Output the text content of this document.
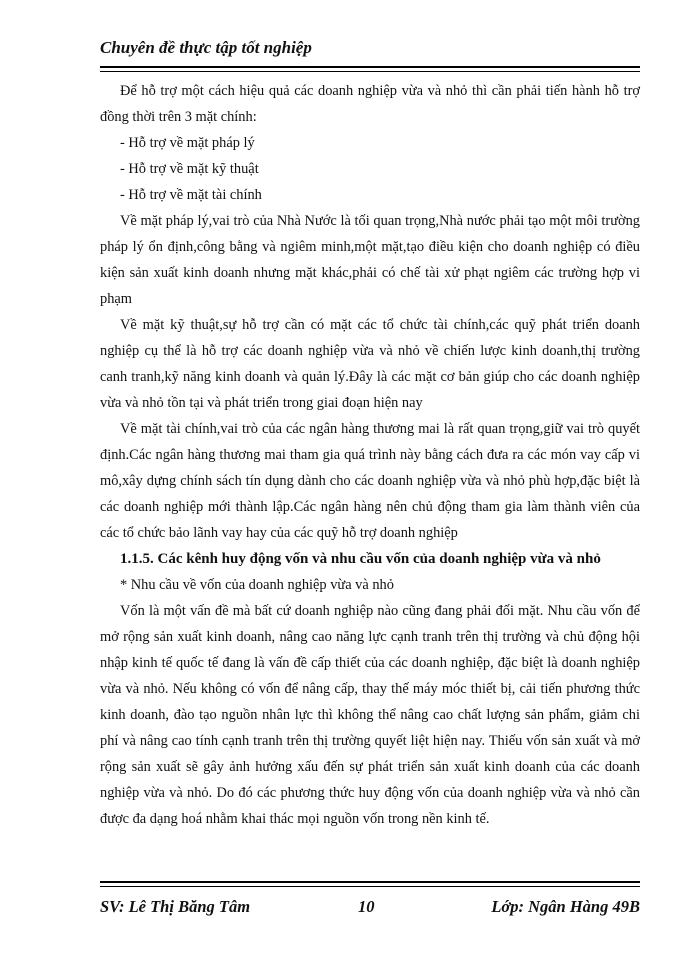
Chuyên đề thực tập tốt nghiệp

Để hỗ trợ một cách hiệu quả các doanh nghiệp vừa và nhỏ thì cần phải tiến hành hỗ trợ đồng thời trên 3 mặt chính:

- Hỗ trợ về mặt pháp lý

- Hỗ trợ về mặt kỹ thuật

- Hỗ trợ về mặt tài chính

Về mặt pháp lý,vai trò của Nhà Nước là tối quan trọng,Nhà nước phải tạo một môi trường pháp lý ổn định,công bằng và ngiêm minh,một mặt,tạo điều kiện cho doanh nghiệp có điều kiện sản xuất kinh doanh nhưng mặt khác,phải có chế tài xử phạt ngiêm các trường hợp vi phạm

Về mặt kỹ thuật,sự hỗ trợ cần có mặt các tổ chức tài chính,các quỹ phát triển doanh nghiệp cụ thể là hỗ trợ các doanh nghiệp vừa và nhỏ về chiến lược kinh doanh,thị trường canh tranh,kỹ năng kinh doanh và quản lý.Đây là các mặt cơ bản giúp cho các doanh nghiệp vừa và nhỏ tồn tại và phát triển trong giai đoạn hiện nay

Về mặt tài chính,vai trò của các ngân hàng thương mai là rất quan trọng,giữ vai trò quyết định.Các ngân hàng thương mai tham gia quá trình này bằng cách đưa ra các món vay cấp vi mô,xây dựng chính sách tín dụng dành cho các doanh nghiệp vừa và nhỏ phù hợp,đặc biệt là các doanh nghiệp mới thành lập.Các ngân hàng nên chủ động tham gia làm thành viên của các tổ chức bảo lãnh vay hay của các quỹ hỗ trợ doanh nghiệp

1.1.5. Các kênh huy động vốn và nhu cầu vốn của doanh nghiệp vừa và nhỏ

* Nhu cầu về vốn của doanh nghiệp vừa và nhỏ

Vốn là một vấn đề mà bất cứ doanh nghiệp nào cũng đang phải đối mặt. Nhu cầu vốn để mở rộng sản xuất kinh doanh, nâng cao năng lực cạnh tranh trên thị trường và chủ động hội nhập kinh tế quốc tế đang là vấn đề cấp thiết của các doanh nghiệp, đặc biệt là doanh nghiệp vừa và nhỏ. Nếu không có vốn để nâng cấp, thay thế máy móc thiết bị, cải tiến phương thức kinh doanh, đào tạo nguồn nhân lực thì không thể nâng cao chất lượng sản phẩm, giảm chi phí và nâng cao tính cạnh tranh trên thị trường quyết liệt hiện nay. Thiếu vốn sản xuất và mở rộng sản xuất sẽ gây ảnh hưởng xấu đến sự phát triển sản xuất kinh doanh của các doanh nghiệp vừa và nhỏ. Do đó các phương thức huy động vốn của doanh nghiệp vừa và nhỏ cần được đa dạng hoá nhằm khai thác mọi nguồn vốn trong nền kinh tế.

SV: Lê Thị Băng Tâm	10	Lớp: Ngân Hàng 49B
